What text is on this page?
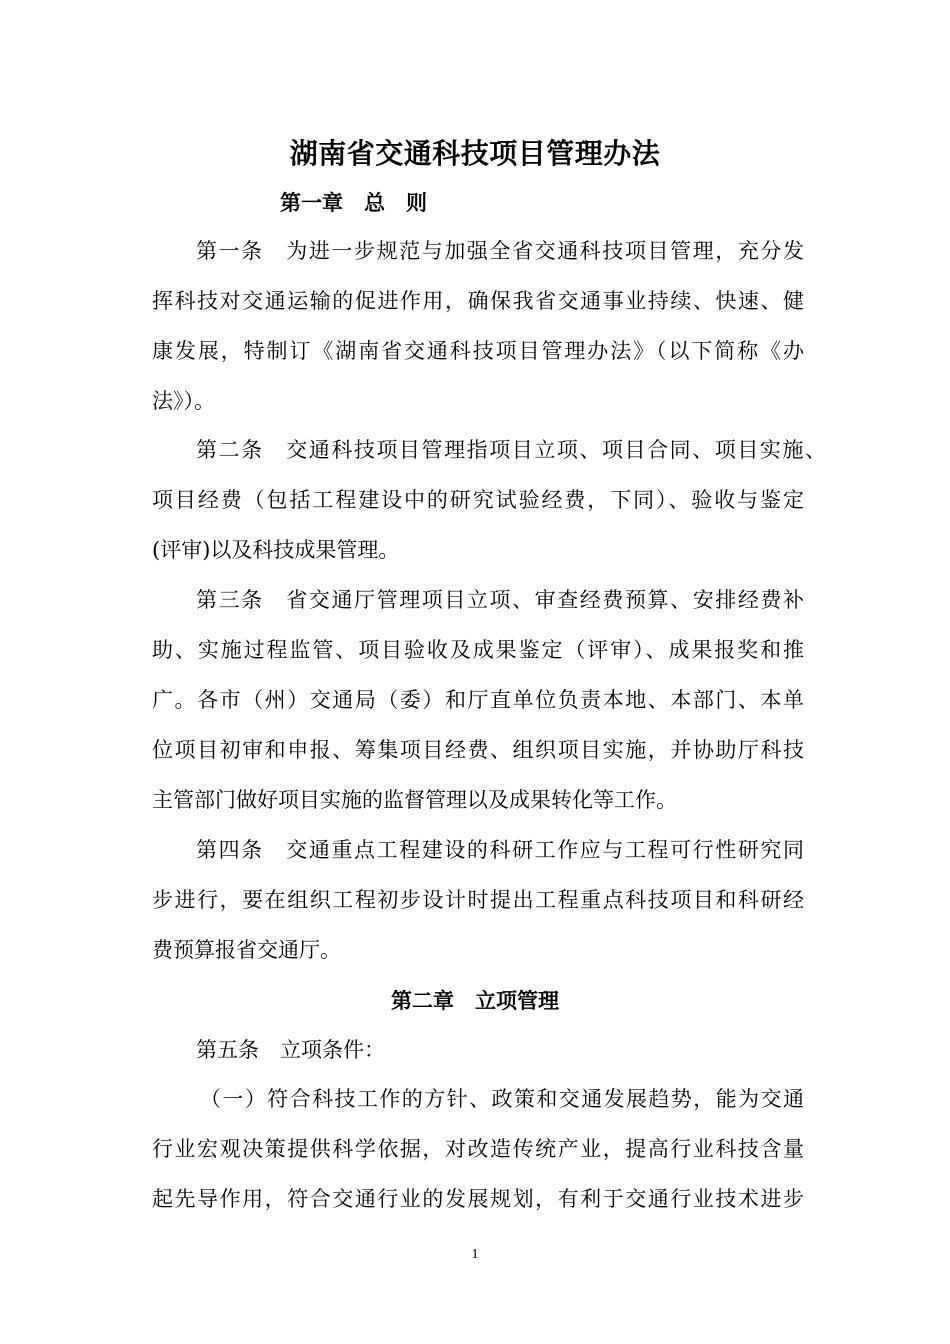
湖南省交通科技项目管理办法
第一章　总　则
第一条　为进一步规范与加强全省交通科技项目管理，充分发
挥科技对交通运输的促进作用，确保我省交通事业持续、快速、健
康发展，特制订《湖南省交通科技项目管理办法》（以下简称《办
法》）。
第二条　交通科技项目管理指项目立项、项目合同、项目实施、
项目经费（包括工程建设中的研究试验经费，下同）、验收与鉴定
(评审)以及科技成果管理。
第三条　省交通厅管理项目立项、审查经费预算、安排经费补
助、实施过程监管、项目验收及成果鉴定（评审）、成果报奖和推
广。各市（州）交通局（委）和厅直单位负责本地、本部门、本单
位项目初审和申报、筹集项目经费、组织项目实施，并协助厅科技
主管部门做好项目实施的监督管理以及成果转化等工作。
第四条　交通重点工程建设的科研工作应与工程可行性研究同
步进行，要在组织工程初步设计时提出工程重点科技项目和科研经
费预算报省交通厅。
第二章　立项管理
第五条　立项条件：
（一）符合科技工作的方针、政策和交通发展趋势，能为交通
行业宏观决策提供科学依据，对改造传统产业，提高行业科技含量
起先导作用，符合交通行业的发展规划，有利于交通行业技术进步
1
